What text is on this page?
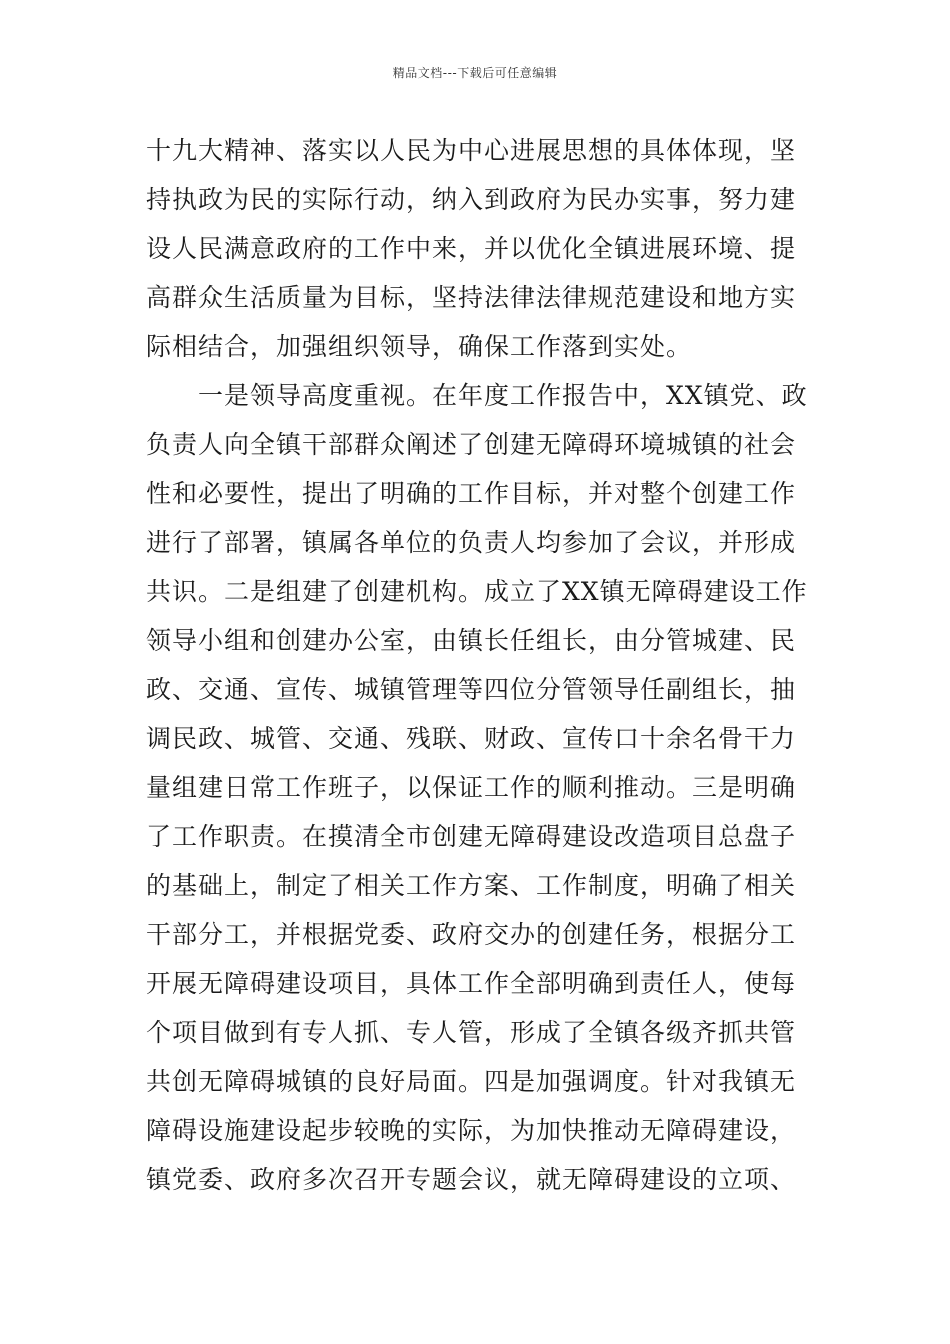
精品文档---下载后可任意编辑
十九大精神、落实以人民为中心进展思想的具体体现，坚
持执政为民的实际行动，纳入到政府为民办实事，努力建
设人民满意政府的工作中来，并以优化全镇进展环境、提
高群众生活质量为目标，坚持法律法律规范建设和地方实
际相结合，加强组织领导，确保工作落到实处。
　　一是领导高度重视。在年度工作报告中，XX镇党、政
负责人向全镇干部群众阐述了创建无障碍环境城镇的社会
性和必要性，提出了明确的工作目标，并对整个创建工作
进行了部署，镇属各单位的负责人均参加了会议，并形成
共识。二是组建了创建机构。成立了XX镇无障碍建设工作
领导小组和创建办公室，由镇长任组长，由分管城建、民
政、交通、宣传、城镇管理等四位分管领导任副组长，抽
调民政、城管、交通、残联、财政、宣传口十余名骨干力
量组建日常工作班子，以保证工作的顺利推动。三是明确
了工作职责。在摸清全市创建无障碍建设改造项目总盘子
的基础上，制定了相关工作方案、工作制度，明确了相关
干部分工，并根据党委、政府交办的创建任务，根据分工
开展无障碍建设项目，具体工作全部明确到责任人，使每
个项目做到有专人抓、专人管，形成了全镇各级齐抓共管
共创无障碍城镇的良好局面。四是加强调度。针对我镇无
障碍设施建设起步较晚的实际，为加快推动无障碍建设，
镇党委、政府多次召开专题会议，就无障碍建设的立项、
